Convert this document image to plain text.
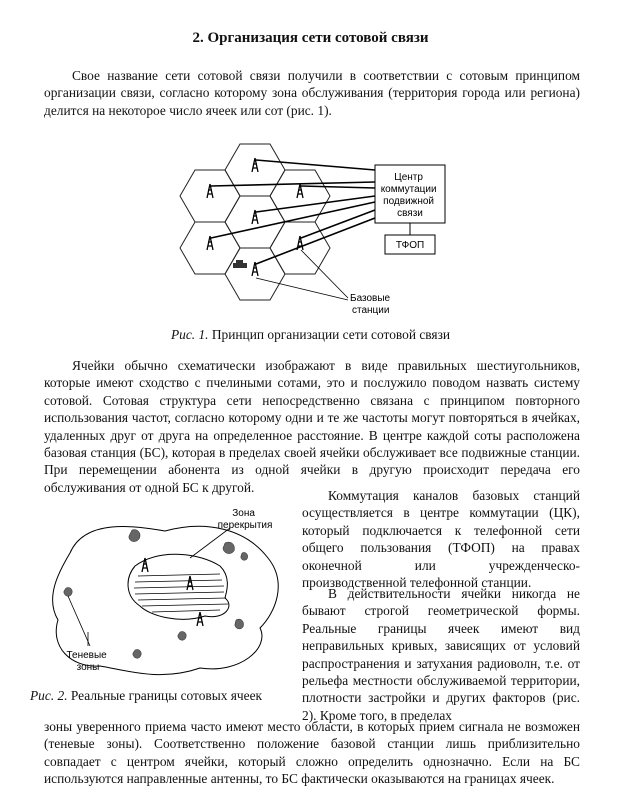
2. Организация сети сотовой связи

Свое название сети сотовой связи получили в соответствии с сотовым принципом организации связи, согласно которому зона обслуживания (территория города или региона) делится на некоторое число ячеек или сот (рис. 1).

Центр коммутации подвижной связи
ТФОП
Базовые станции
Рис. 1. Принцип организации сети сотовой связи

Ячейки обычно схематически изображают в виде правильных шестиугольников, которые имеют сходство с пчелиными сотами, это и послужило поводом назвать систему сотовой. Сотовая структура сети непосредственно связана с принципом повторного использования частот, согласно которому одни и те же частоты могут повторяться в ячейках, удаленных друг от друга на определенное расстояние. В центре каждой соты расположена базовая станция (БС), которая в пределах своей ячейки обслуживает все подвижные станции. При перемещении абонента из одной ячейки в другую происходит передача его обслуживания от одной БС к другой.

Зона перекрытия
Теневые зоны
Рис. 2. Реальные границы сотовых ячеек

Коммутация каналов базовых станций осуществляется в центре коммутации (ЦК), который подключается к телефонной сети общего пользования (ТФОП) на правах оконечной или учрежденческо-производственной телефонной станции.

В действительности ячейки никогда не бывают строгой геометрической формы. Реальные границы ячеек имеют вид неправильных кривых, зависящих от условий распространения и затухания радиоволн, т.е. от рельефа местности обслуживаемой территории, плотности застройки и других факторов (рис. 2). Кроме того, в пределах

зоны уверенного приема часто имеют место области, в которых прием сигнала не возможен (теневые зоны). Соответственно положение базовой станции лишь приблизительно совпадает с центром ячейки, который сложно определить однозначно. Если на БС используются направленные антенны, то БС фактически оказываются на границах ячеек.
